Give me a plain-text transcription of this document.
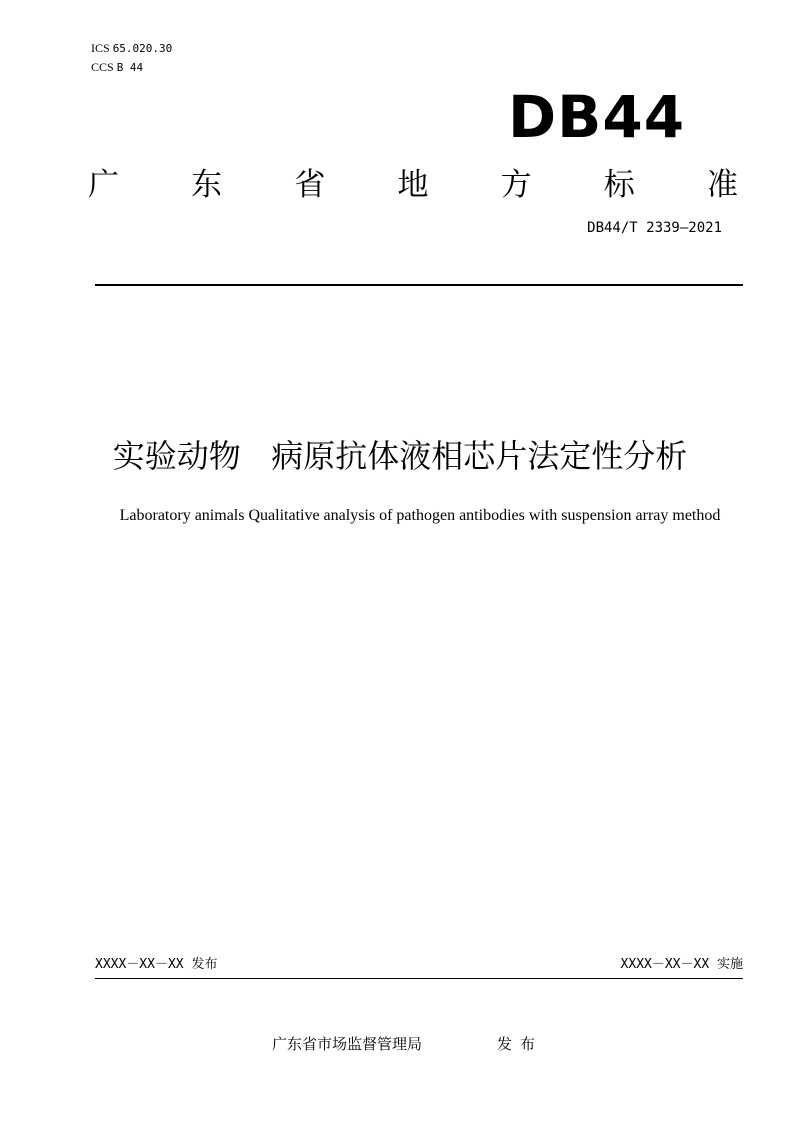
ICS 65.020.30
CCS B 44
DB44
广 东 省 地 方 标 准
DB44/T 2339—2021
实验动物   病原抗体液相芯片法定性分析
Laboratory animals Qualitative analysis of pathogen antibodies with suspension array method
XXXX－XX－XX 发布	XXXX－XX－XX 实施
广东省市场监督管理局	发布
